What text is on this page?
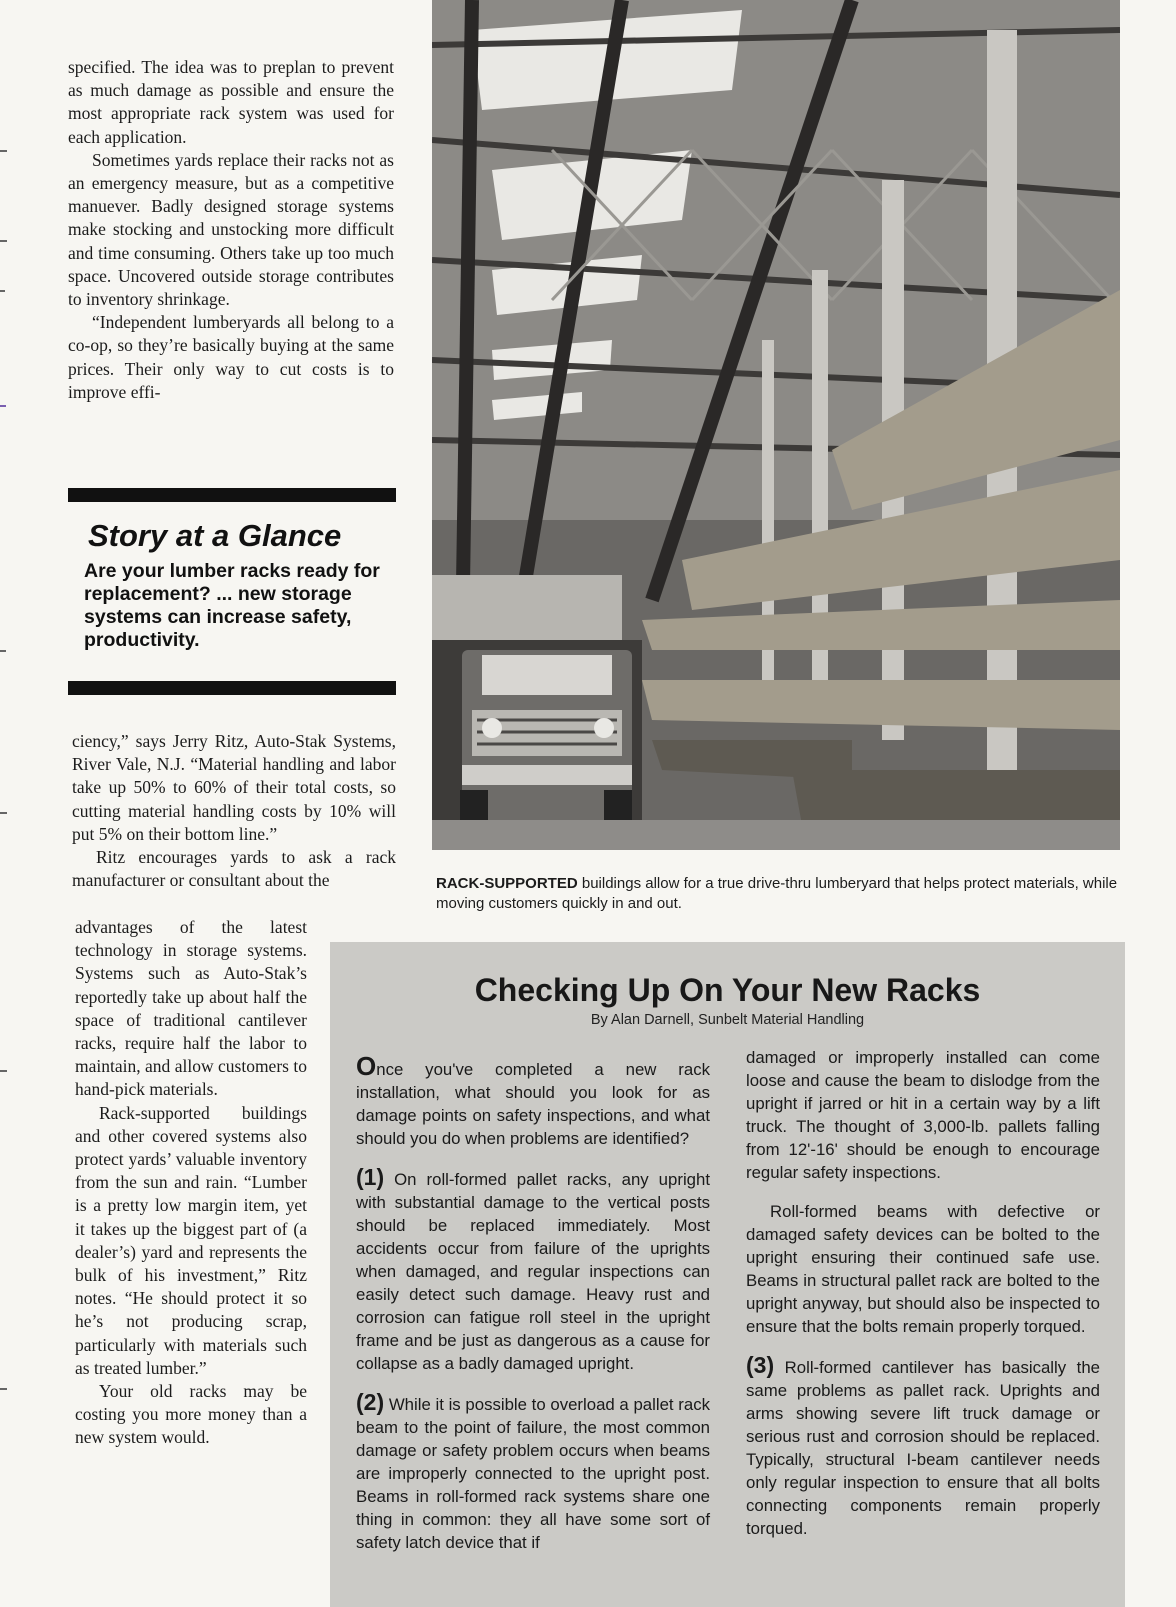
specified. The idea was to preplan to prevent as much damage as possible and ensure the most appropriate rack system was used for each application.

Sometimes yards replace their racks not as an emergency measure, but as a competitive manuever. Badly designed storage systems make stocking and unstocking more difficult and time consuming. Others take up too much space. Uncovered outside storage contributes to inventory shrinkage.

“Independent lumberyards all belong to a co-op, so they’re basically buying at the same prices. Their only way to cut costs is to improve effi-

Story at a Glance

Are your lumber racks ready for replacement? ... new storage systems can increase safety, productivity.

ciency,” says Jerry Ritz, Auto-Stak Systems, River Vale, N.J. “Material handling and labor take up 50% to 60% of their total costs, so cutting material handling costs by 10% will put 5% on their bottom line.”

Ritz encourages yards to ask a rack manufacturer or consultant about the

advantages of the latest technology in storage systems. Systems such as Auto-Stak’s reportedly take up about half the space of traditional cantilever racks, require half the labor to maintain, and allow customers to hand-pick materials.

Rack-supported buildings and other covered systems also protect yards’ valuable inventory from the sun and rain. “Lumber is a pretty low margin item, yet it takes up the biggest part of (a dealer’s) yard and represents the bulk of his investment,” Ritz notes. “He should protect it so he’s not producing scrap, particularly with materials such as treated lumber.”

Your old racks may be costing you more money than a new system would.

RACK-SUPPORTED buildings allow for a true drive-thru lumberyard that helps protect materials, while moving customers quickly in and out.
Checking Up On Your New Racks
By Alan Darnell, Sunbelt Material Handling

Once you've completed a new rack installation, what should you look for as damage points on safety inspections, and what should you do when problems are identified?

(1) On roll-formed pallet racks, any upright with substantial damage to the vertical posts should be replaced immediately. Most accidents occur from failure of the uprights when damaged, and regular inspections can easily detect such damage. Heavy rust and corrosion can fatigue roll steel in the upright frame and be just as dangerous as a cause for collapse as a badly damaged upright.

(2) While it is possible to overload a pallet rack beam to the point of failure, the most common damage or safety problem occurs when beams are improperly connected to the upright post. Beams in roll-formed rack systems share one thing in common: they all have some sort of safety latch device that if

damaged or improperly installed can come loose and cause the beam to dislodge from the upright if jarred or hit in a certain way by a lift truck. The thought of 3,000-lb. pallets falling from 12'-16' should be enough to encourage regular safety inspections.

Roll-formed beams with defective or damaged safety devices can be bolted to the upright ensuring their continued safe use. Beams in structural pallet rack are bolted to the upright anyway, but should also be inspected to ensure that the bolts remain properly torqued.

(3) Roll-formed cantilever has basically the same problems as pallet rack. Uprights and arms showing severe lift truck damage or serious rust and corrosion should be replaced. Typically, structural I-beam cantilever needs only regular inspection to ensure that all bolts connecting components remain properly torqued.
